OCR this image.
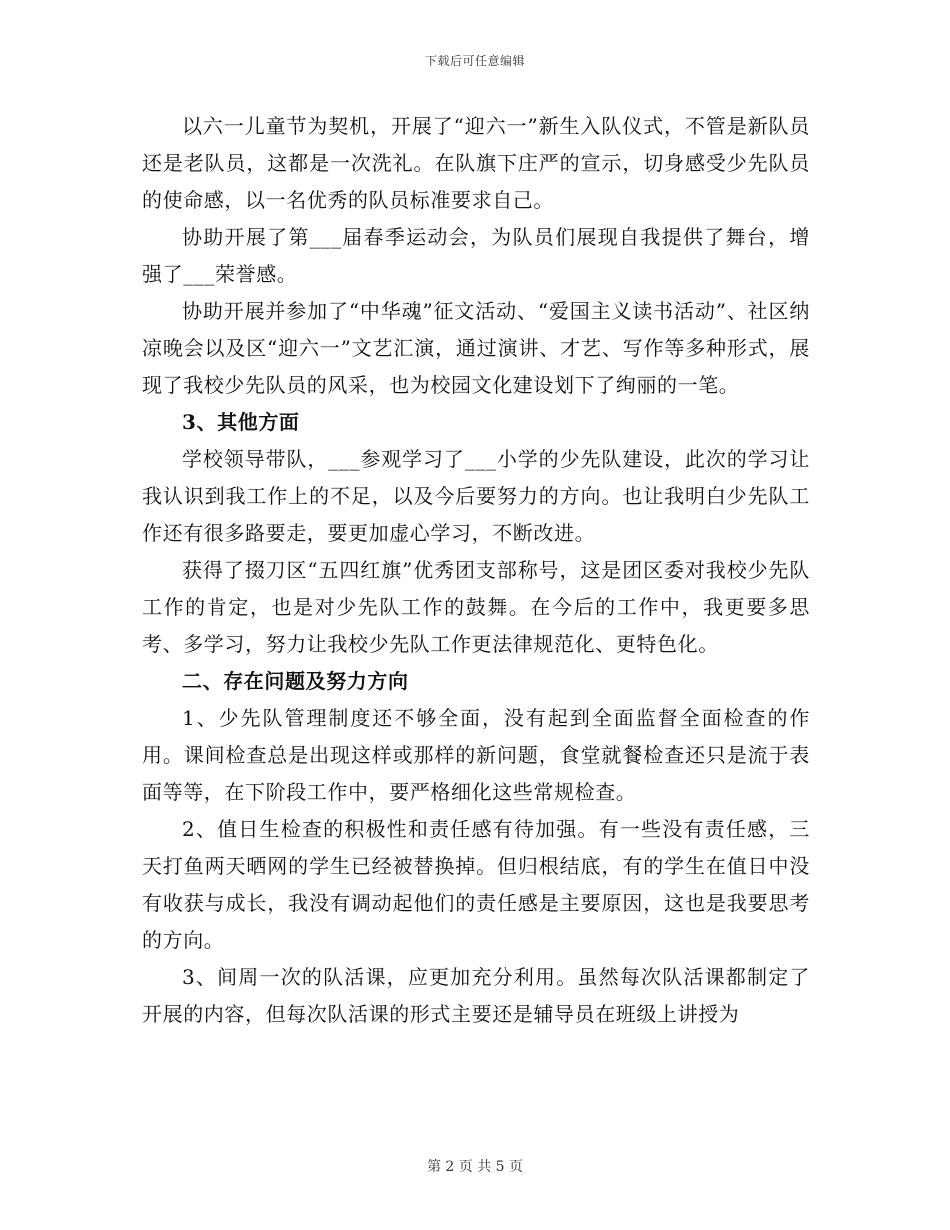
下载后可任意编辑

以六一儿童节为契机，开展了“迎六一”新生入队仪式，不管是新队员还是老队员，这都是一次洗礼。在队旗下庄严的宣示，切身感受少先队员的使命感，以一名优秀的队员标准要求自己。

协助开展了第___届春季运动会，为队员们展现自我提供了舞台，增强了___荣誉感。

协助开展并参加了“中华魂”征文活动、“爱国主义读书活动”、社区纳凉晚会以及区“迎六一”文艺汇演，通过演讲、才艺、写作等多种形式，展现了我校少先队员的风采，也为校园文化建设划下了绚丽的一笔。

3、其他方面

学校领导带队，___参观学习了___小学的少先队建设，此次的学习让我认识到我工作上的不足，以及今后要努力的方向。也让我明白少先队工作还有很多路要走，要更加虚心学习，不断改进。

获得了掇刀区“五四红旗”优秀团支部称号，这是团区委对我校少先队工作的肯定，也是对少先队工作的鼓舞。在今后的工作中，我更要多思考、多学习，努力让我校少先队工作更法律规范化、更特色化。

二、存在问题及努力方向

1、少先队管理制度还不够全面，没有起到全面监督全面检查的作用。课间检查总是出现这样或那样的新问题，食堂就餐检查还只是流于表面等等，在下阶段工作中，要严格细化这些常规检查。

2、值日生检查的积极性和责任感有待加强。有一些没有责任感，三天打鱼两天晒网的学生已经被替换掉。但归根结底，有的学生在值日中没有收获与成长，我没有调动起他们的责任感是主要原因，这也是我要思考的方向。

3、间周一次的队活课，应更加充分利用。虽然每次队活课都制定了开展的内容，但每次队活课的形式主要还是辅导员在班级上讲授为

第 2 页 共 5 页
